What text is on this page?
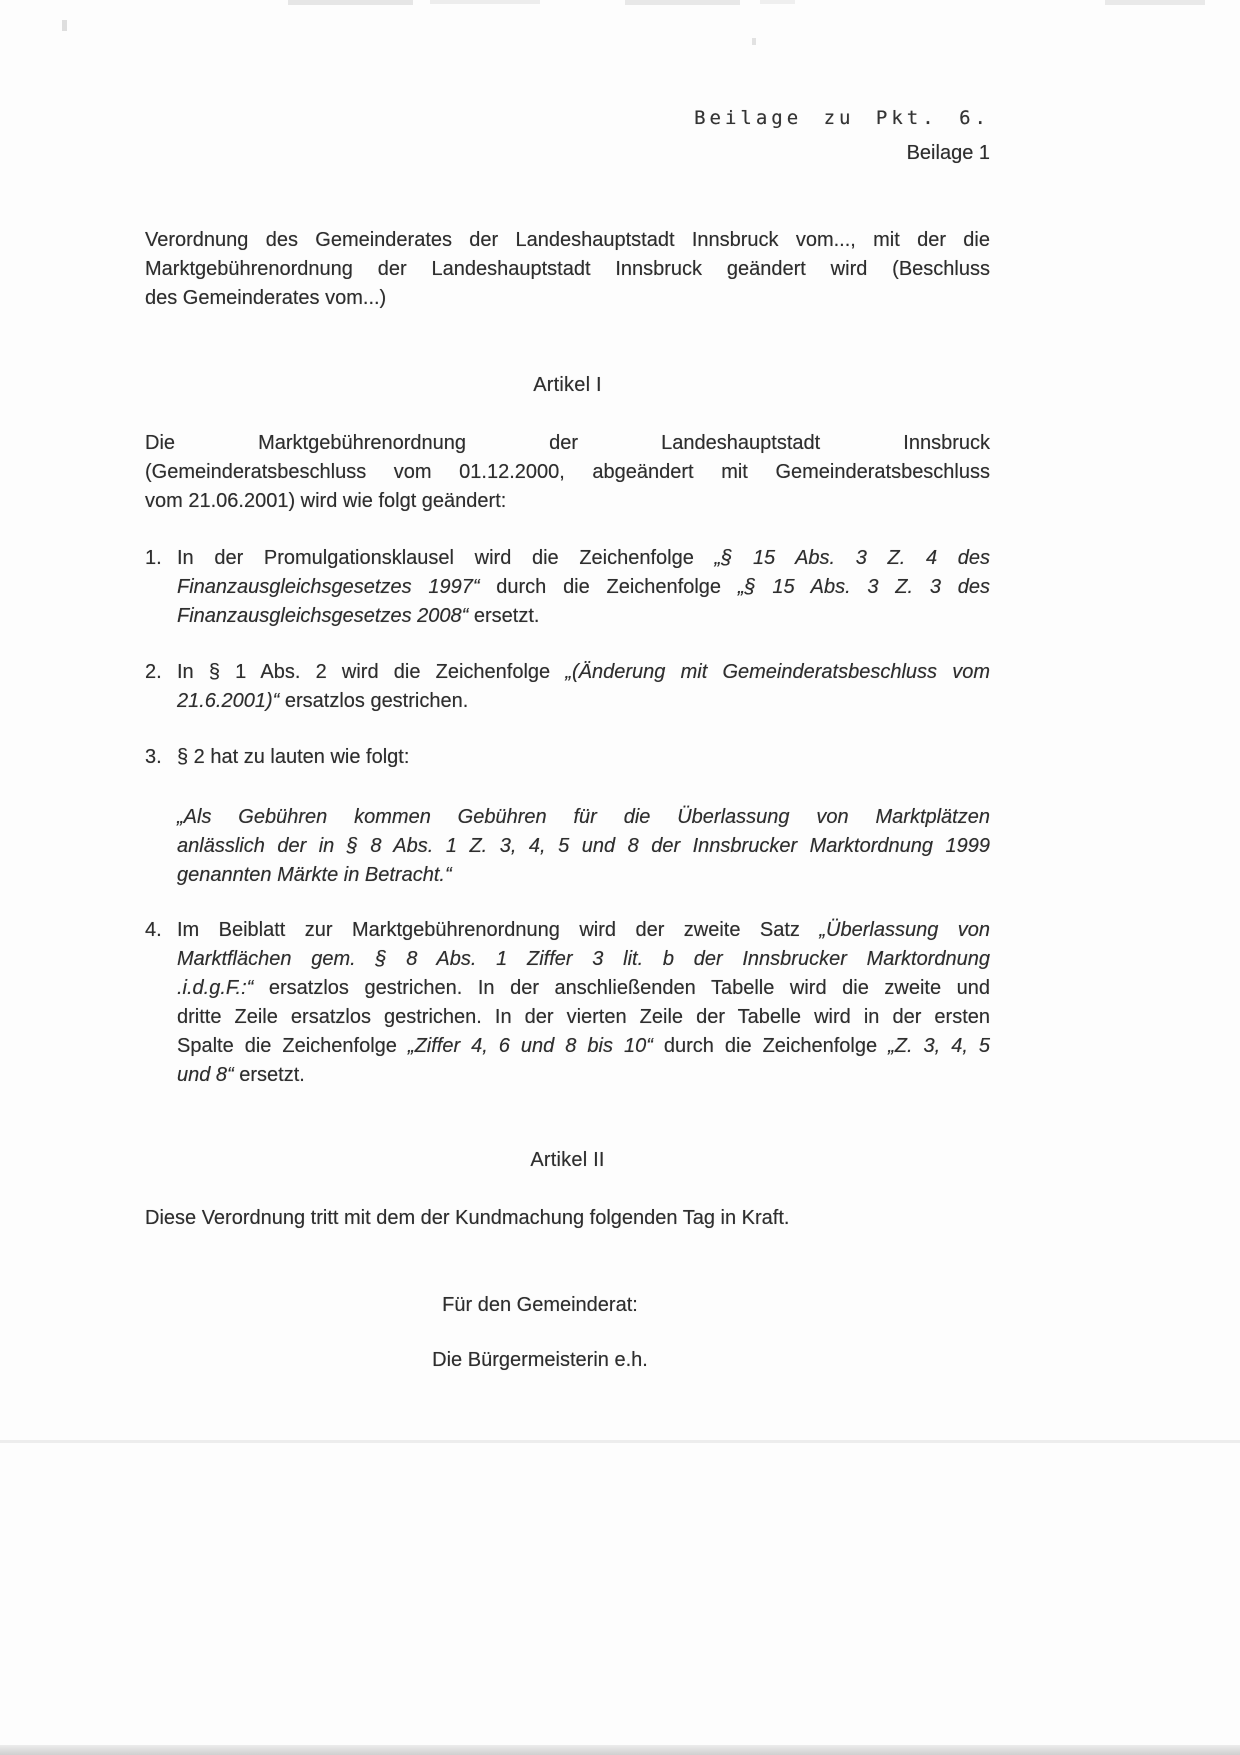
Beilage zu Pkt. 6.
Beilage 1
Verordnung des Gemeinderates der Landeshauptstadt Innsbruck vom..., mit der die
Marktgebührenordnung der Landeshauptstadt Innsbruck geändert wird (Beschluss
des Gemeinderates vom...)
Artikel I
Die Marktgebührenordnung der Landeshauptstadt Innsbruck
(Gemeinderatsbeschluss vom 01.12.2000, abgeändert mit Gemeinderatsbeschluss
vom 21.06.2001) wird wie folgt geändert:
1. In der Promulgationsklausel wird die Zeichenfolge „§ 15 Abs. 3 Z. 4 des
Finanzausgleichsgesetzes 1997“ durch die Zeichenfolge „§ 15 Abs. 3 Z. 3 des
Finanzausgleichsgesetzes 2008“ ersetzt.
2. In § 1 Abs. 2 wird die Zeichenfolge „(Änderung mit Gemeinderatsbeschluss vom
21.6.2001)“ ersatzlos gestrichen.
3. § 2 hat zu lauten wie folgt:
„Als Gebühren kommen Gebühren für die Überlassung von Marktplätzen
anlässlich der in § 8 Abs. 1 Z. 3, 4, 5 und 8 der Innsbrucker Marktordnung 1999
genannten Märkte in Betracht.“
4. Im Beiblatt zur Marktgebührenordnung wird der zweite Satz „Überlassung von
Marktflächen gem. § 8 Abs. 1 Ziffer 3 lit. b der Innsbrucker Marktordnung
.i.d.g.F.:“ ersatzlos gestrichen. In der anschließenden Tabelle wird die zweite und
dritte Zeile ersatzlos gestrichen. In der vierten Zeile der Tabelle wird in der ersten
Spalte die Zeichenfolge „Ziffer 4, 6 und 8 bis 10“ durch die Zeichenfolge „Z. 3, 4, 5
und 8“ ersetzt.
Artikel II
Diese Verordnung tritt mit dem der Kundmachung folgenden Tag in Kraft.
Für den Gemeinderat:
Die Bürgermeisterin e.h.
